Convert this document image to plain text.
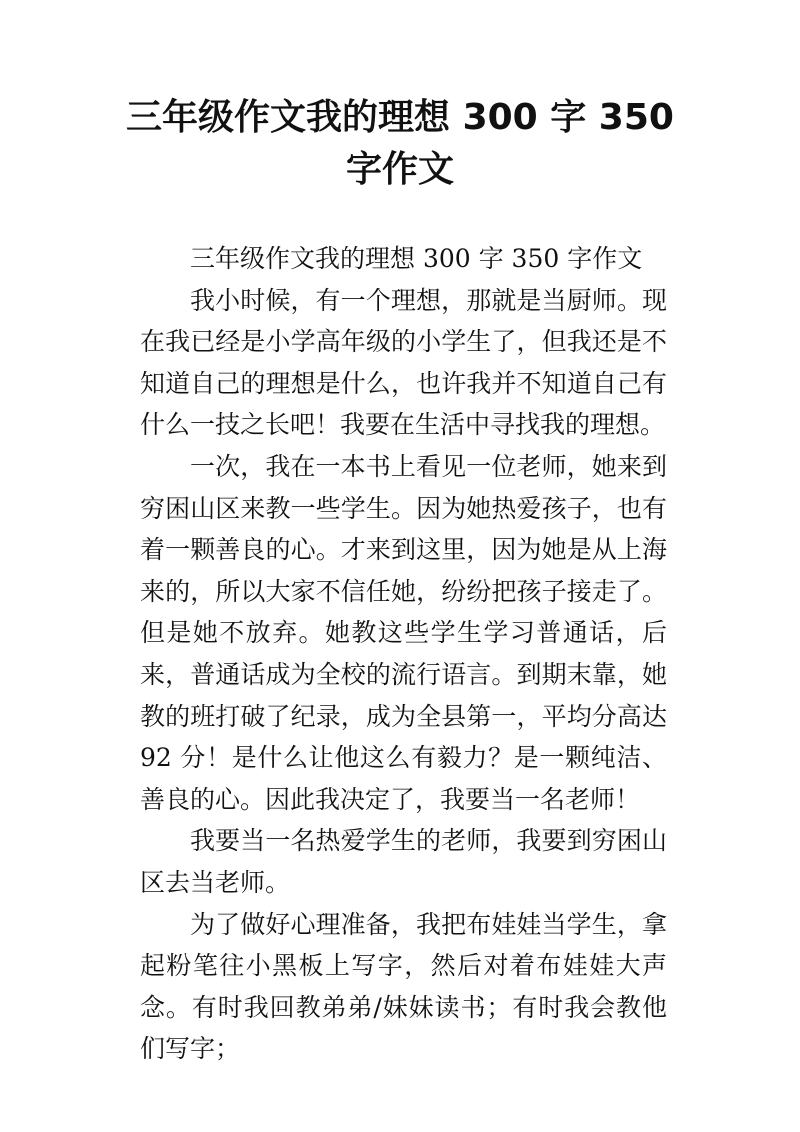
三年级作文我的理想 300 字 350 字作文

三年级作文我的理想 300 字 350 字作文

我小时候，有一个理想，那就是当厨师。现在我已经是小学高年级的小学生了，但我还是不知道自己的理想是什么，也许我并不知道自己有什么一技之长吧！我要在生活中寻找我的理想。

一次，我在一本书上看见一位老师，她来到穷困山区来教一些学生。因为她热爱孩子，也有着一颗善良的心。才来到这里，因为她是从上海来的，所以大家不信任她，纷纷把孩子接走了。但是她不放弃。她教这些学生学习普通话，后来，普通话成为全校的流行语言。到期末靠，她教的班打破了纪录，成为全县第一，平均分高达 92 分！是什么让他这么有毅力？是一颗纯洁、善良的心。因此我决定了，我要当一名老师！

我要当一名热爱学生的老师，我要到穷困山区去当老师。

为了做好心理准备，我把布娃娃当学生，拿起粉笔往小黑板上写字，然后对着布娃娃大声念。有时我回教弟弟/妹妹读书；有时我会教他们写字；
